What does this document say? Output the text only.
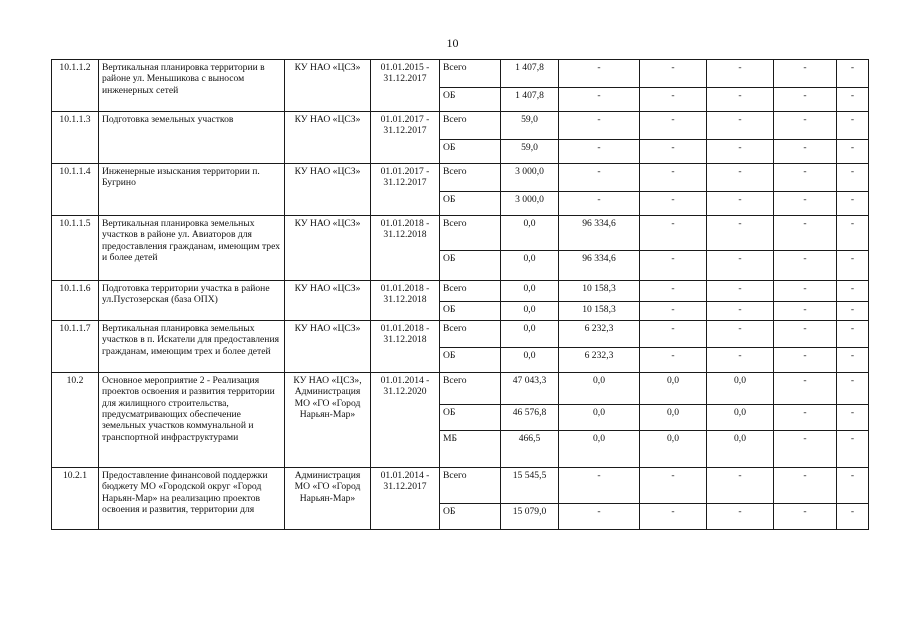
10
10.1.1.2	Вертикальная планировка территории в районе ул. Меньшикова с выносом инженерных сетей	КУ НАО «ЦСЗ»	01.01.2015 - 31.12.2017	Всего	1 407,8	-	-	-	-	-
				ОБ	1 407,8	-	-	-	-	-
10.1.1.3	Подготовка земельных участков	КУ НАО «ЦСЗ»	01.01.2017 - 31.12.2017	Всего	59,0	-	-	-	-	-
				ОБ	59,0	-	-	-	-	-
10.1.1.4	Инженерные изыскания территории п. Бугрино	КУ НАО «ЦСЗ»	01.01.2017 - 31.12.2017	Всего	3 000,0	-	-	-	-	-
				ОБ	3 000,0	-	-	-	-	-
10.1.1.5	Вертикальная планировка земельных участков в районе ул. Авиаторов для предоставления гражданам, имеющим трех и более детей	КУ НАО «ЦСЗ»	01.01.2018 - 31.12.2018	Всего	0,0	96 334,6	-	-	-	-
				ОБ	0,0	96 334,6	-	-	-	-
10.1.1.6	Подготовка территории участка в районе ул.Пустозерская (база ОПХ)	КУ НАО «ЦСЗ»	01.01.2018 - 31.12.2018	Всего	0,0	10 158,3	-	-	-	-
				ОБ	0,0	10 158,3	-	-	-	-
10.1.1.7	Вертикальная планировка земельных участков в п. Искатели для предоставления гражданам, имеющим трех и более детей	КУ НАО «ЦСЗ»	01.01.2018 - 31.12.2018	Всего	0,0	6 232,3	-	-	-	-
				ОБ	0,0	6 232,3	-	-	-	-
10.2	Основное мероприятие 2 - Реализация проектов освоения и развития территории для жилищного строительства, предусматривающих обеспечение земельных участков коммунальной и транспортной инфраструктурами	КУ НАО «ЦСЗ», Администрация МО «ГО «Город Нарьян-Мар»	01.01.2014 - 31.12.2020	Всего	47 043,3	0,0	0,0	0,0	-	-
				ОБ	46 576,8	0,0	0,0	0,0	-	-
				МБ	466,5	0,0	0,0	0,0	-	-
10.2.1	Предоставление финансовой поддержки бюджету МО «Городской округ «Город Нарьян-Мар» на реализацию проектов освоения и развития, территории для	Администрация МО «ГО «Город Нарьян-Мар»	01.01.2014 - 31.12.2017	Всего	15 545,5	-	-	-	-	-
				ОБ	15 079,0	-	-	-	-	-
